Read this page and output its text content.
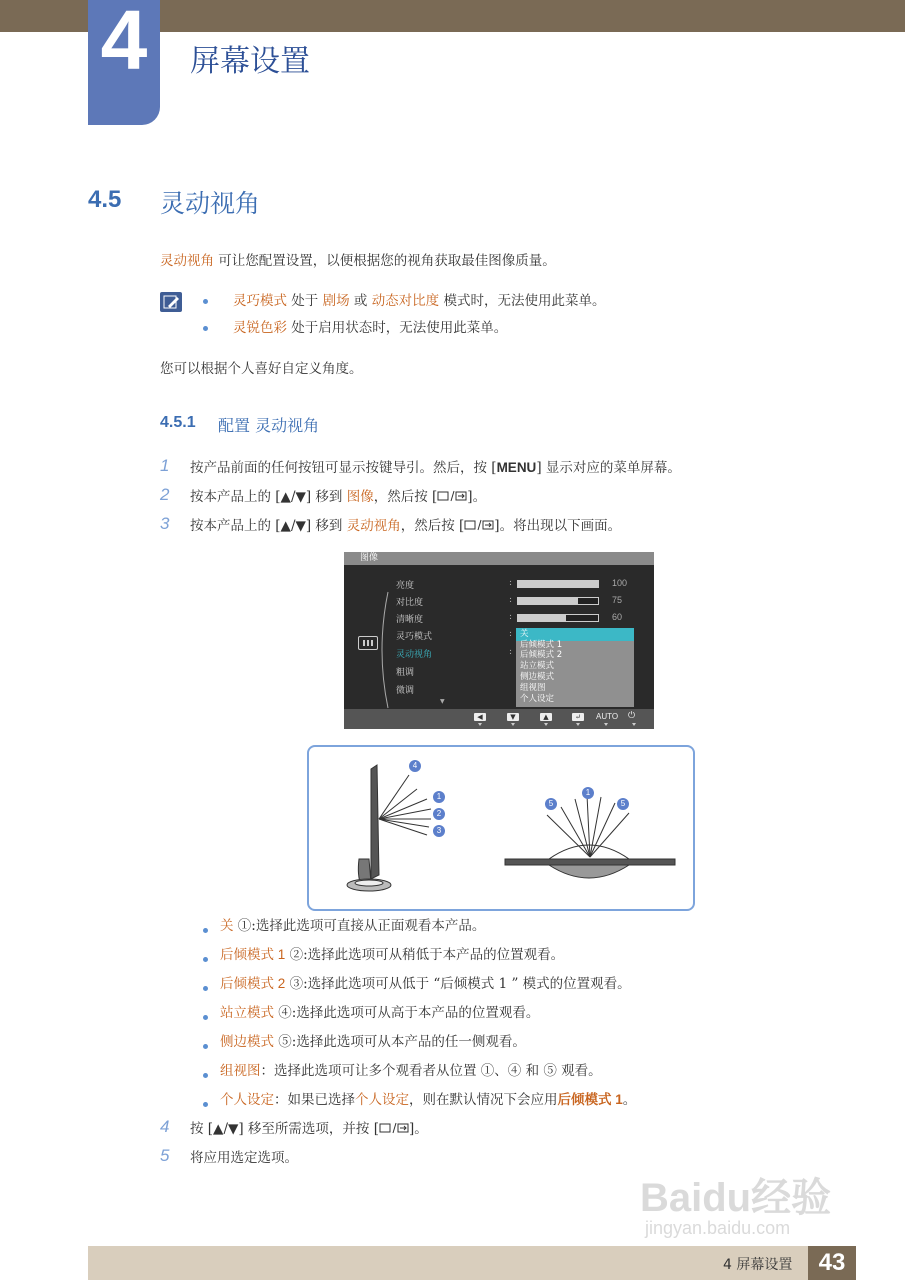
4	屏幕设置
4.5 灵动视角
灵动视角 可让您配置设置，以便根据您的视角获取最佳图像质量。
灵巧模式 处于 剧场 或 动态对比度 模式时，无法使用此菜单。
灵锐色彩 处于启用状态时，无法使用此菜单。
您可以根据个人喜好自定义角度。
4.5.1 配置 灵动视角
1 按产品前面的任何按钮可显示按键导引。然后，按 [MENU] 显示对应的菜单屏幕。
2 按本产品上的 [▲/▼] 移到 图像，然后按 [ ]。
3 按本产品上的 [▲/▼] 移到 灵动视角，然后按 [ ]。将出现以下画面。
图像
亮度	:	100
对比度	:	75
清晰度	:	60
灵巧模式	:
灵动视角	:
粗调
微调
▼
关
后倾模式 1
后倾模式 2
站立模式
侧边模式
组视图
个人设定
◀	▼	▲	↵	AUTO ⏻
4
1
2
3
5
1
5
关 ①:选择此选项可直接从正面观看本产品。
后倾模式 1 ②:选择此选项可从稍低于本产品的位置观看。
后倾模式 2 ③:选择此选项可从低于 “后倾模式 1 ” 模式的位置观看。
站立模式 ④:选择此选项可从高于本产品的位置观看。
侧边模式 ⑤:选择此选项可从本产品的任一侧观看。
组视图：选择此选项可让多个观看者从位置 ①、④ 和 ⑤ 观看。
个人设定：如果已选择个人设定，则在默认情况下会应用后倾模式 1。
4 按 [▲/▼] 移至所需选项，并按 [ ]。
5 将应用选定选项。
Baidu经验
jingyan.baidu.com
4 屏幕设置	43
